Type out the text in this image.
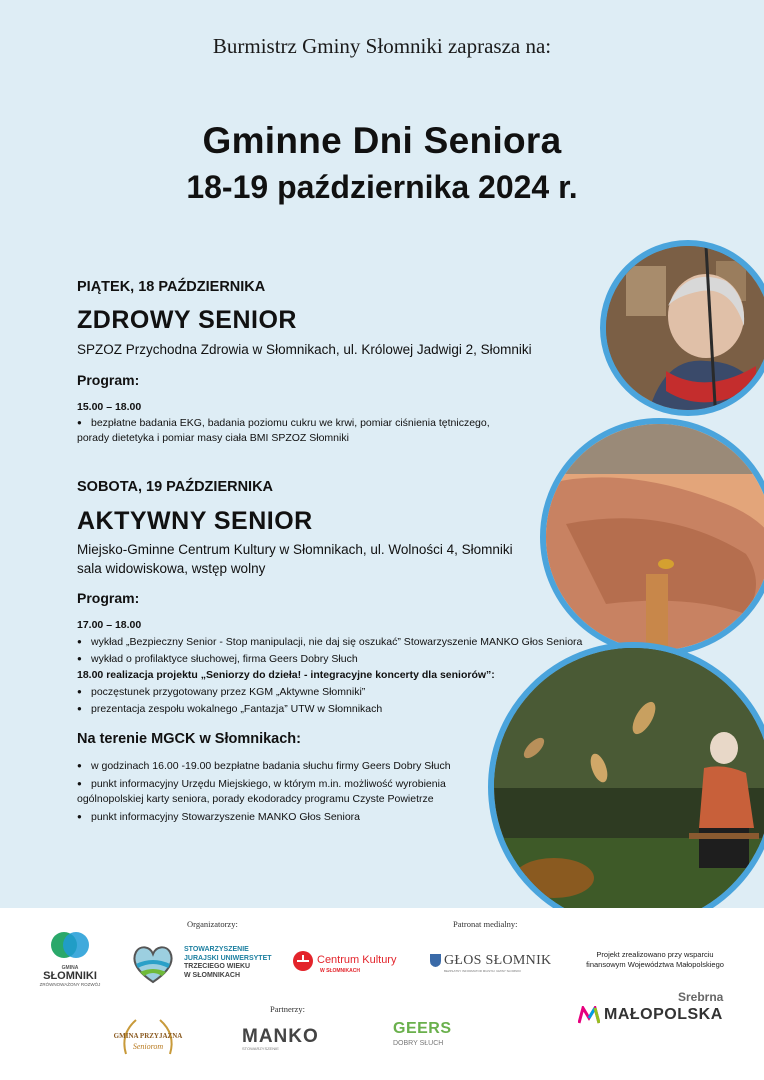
Burmistrz Gminy Słomniki zaprasza na:
Gminne Dni Seniora
18-19 października 2024 r.
PIĄTEK, 18 PAŹDZIERNIKA
ZDROWY SENIOR
SPZOZ Przychodna Zdrowia w Słomnikach, ul. Królowej Jadwigi 2, Słomniki
Program:
15.00 – 18.00
● bezpłatne badania EKG, badania poziomu cukru we krwi, pomiar ciśnienia tętniczego,
porady dietetyka i pomiar masy ciała BMI SPZOZ Słomniki
SOBOTA, 19 PAŹDZIERNIKA
AKTYWNY SENIOR
Miejsko-Gminne Centrum Kultury w Słomnikach, ul. Wolności 4, Słomniki
sala widowiskowa, wstęp wolny
Program:
17.00 – 18.00
● wykład „Bezpieczny Senior - Stop manipulacji, nie daj się oszukać” Stowarzyszenie MANKO Głos Seniora
● wykład o profilaktyce słuchowej, firma Geers Dobry Słuch
18.00 realizacja projektu „Seniorzy do dzieła! - integracyjne koncerty dla seniorów”:
● poczęstunek przygotowany przez KGM „Aktywne Słomniki”
● prezentacja zespołu wokalnego „Fantazja” UTW w Słomnikach
Na terenie MGCK w Słomnikach:
● w godzinach 16.00 -19.00 bezpłatne badania słuchu firmy Geers Dobry Słuch
● punkt informacyjny Urzędu Miejskiego, w którym m.in. możliwość wyrobienia
ogólnopolskiej karty seniora, porady ekodoradcy programu Czyste Powietrze
● punkt informacyjny Stowarzyszenie MANKO Głos Seniora
Organizatorzy:	Patronat medialny:
Partnerzy:
GMINA
SŁOMNIKI
ZRÓWNOWAŻONY ROZWÓJ
STOWARZYSZENIE
JURAJSKI UNIWERSYTET
TRZECIEGO WIEKU
W SŁOMNIKACH
Centrum Kultury
W SŁOMNIKACH
GŁOS SŁOMNIK
BEZPŁATNY INFORMATOR MIASTA I GMINY SŁOMNIKI
Projekt zrealizowano przy wsparciu
finansowym Województwa Małopolskiego
Srebrna
MAŁOPOLSKA
GMINA PRZYJAZNA
Seniorom	MANKO
STOWARZYSZENIE
GEERS
DOBRY SŁUCH
